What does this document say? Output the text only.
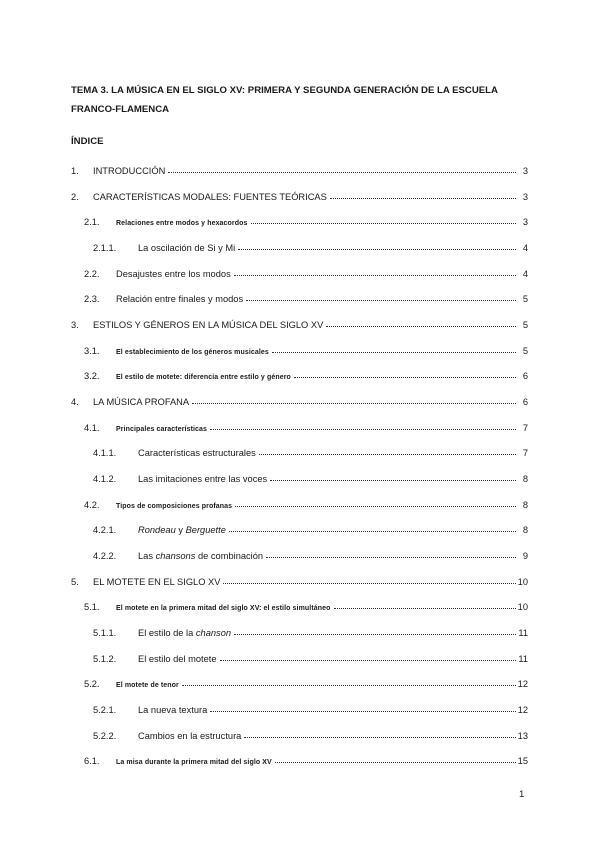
TEMA 3. LA MÚSICA EN EL SIGLO XV: PRIMERA Y SEGUNDA GENERACIÓN DE LA ESCUELA FRANCO-FLAMENCA
ÍNDICE
1.	INTRODUCCIÓN	3
2.	CARACTERÍSTICAS MODALES: FUENTES TEÓRICAS	3
2.1.	Relaciones entre modos y hexacordos	3
2.1.1.	La oscilación de Si y Mi	4
2.2.	Desajustes entre los modos	4
2.3.	Relación entre finales y modos	5
3.	ESTILOS Y GÉNEROS EN LA MÚSICA DEL SIGLO XV	5
3.1.	El establecimiento de los géneros musicales	5
3.2.	El estilo de motete: diferencia entre estilo y género	6
4.	LA MÚSICA PROFANA	6
4.1.	Principales características	7
4.1.1.	Características estructurales	7
4.1.2.	Las imitaciones entre las voces	8
4.2.	Tipos de composiciones profanas	8
4.2.1.	Rondeau y Berguette	8
4.2.2.	Las chansons de combinación	9
5.	EL MOTETE EN EL SIGLO XV	10
5.1.	El motete en la primera mitad del siglo XV: el estilo simultáneo	10
5.1.1.	El estilo de la chanson	11
5.1.2.	El estilo del motete	11
5.2.	El motete de tenor	12
5.2.1.	La nueva textura	12
5.2.2.	Cambios en la estructura	13
6.1.	La misa durante la primera mitad del siglo XV	15
1
